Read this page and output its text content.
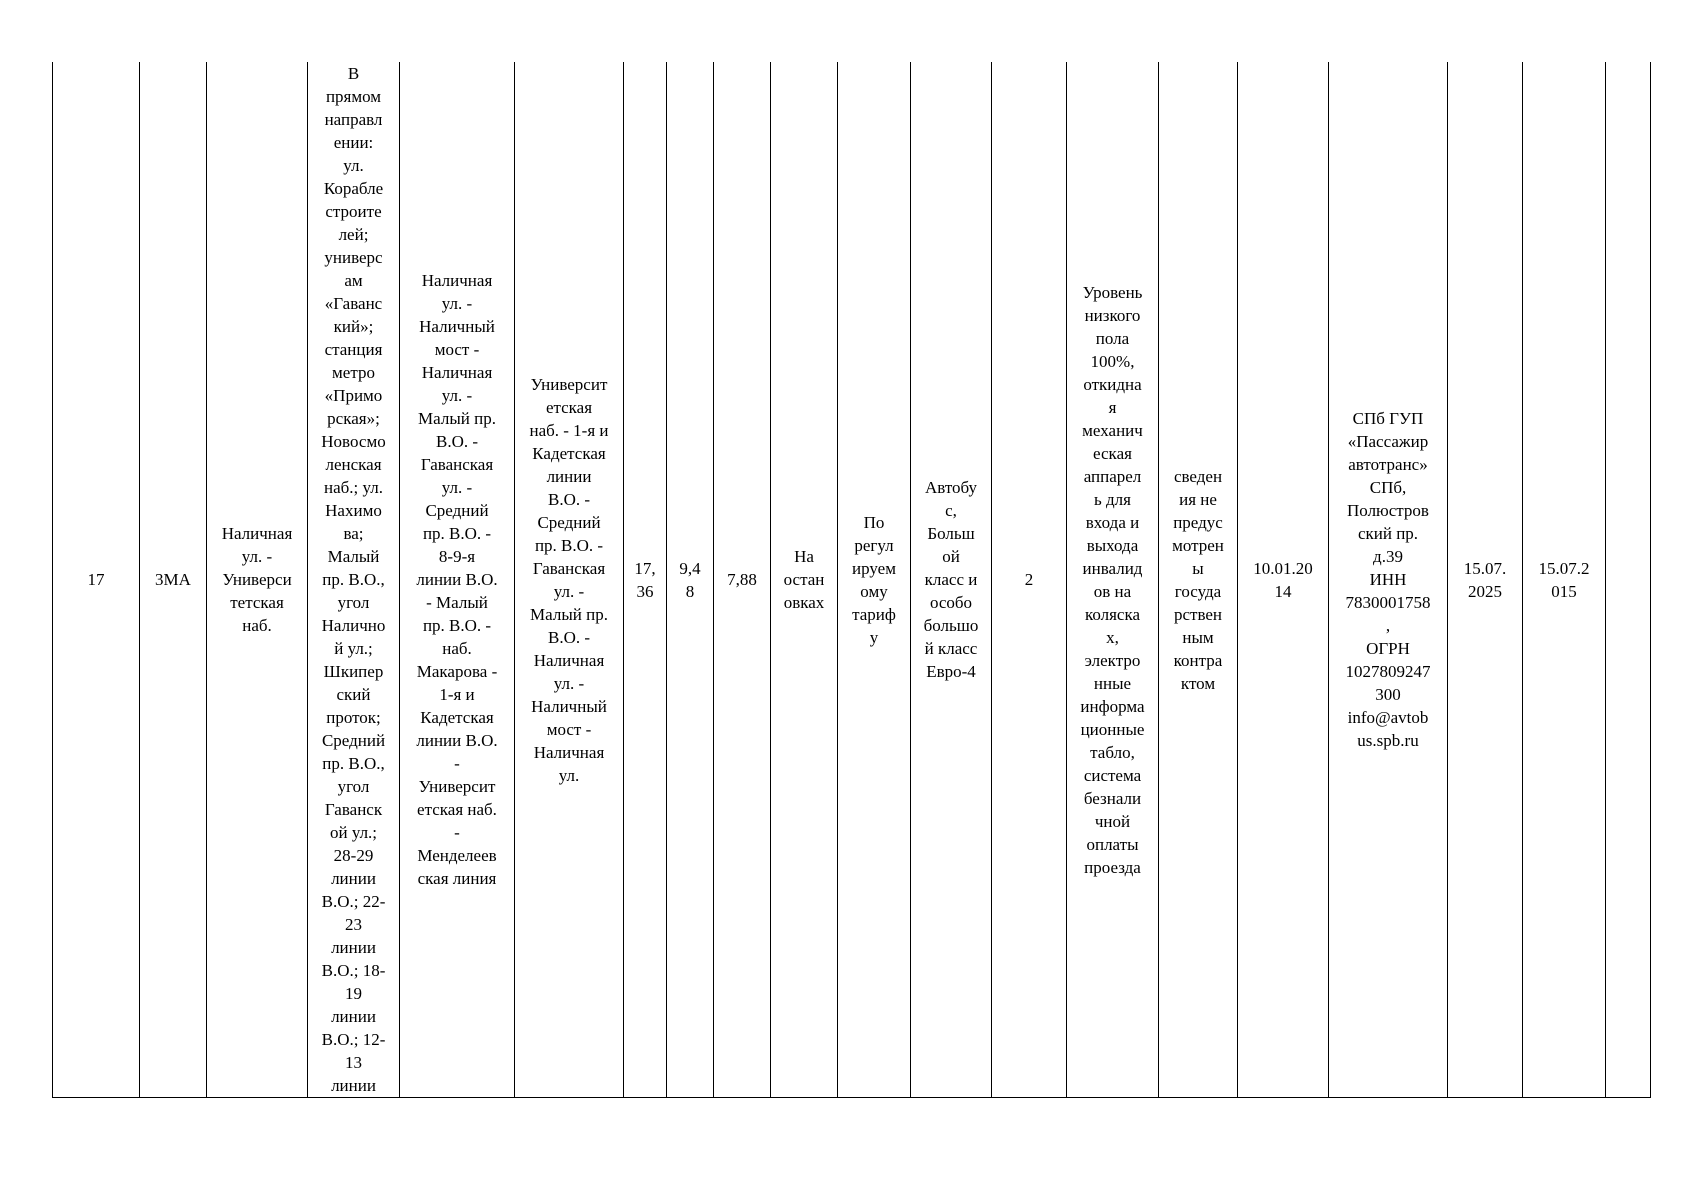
17	3МА	Наличная
ул. -
Универси
тетская
наб.	
В
прямом
направл
ении:
ул.
Корабле
строите
лей;
универс
ам
«Гаванс
кий»;
станция
метро
«Примо
рская»;
Новосмо
ленская
наб.; ул.
Нахимо
ва;
Малый
пр. В.О.,
угол
Налично
й ул.;
Шкипер
ский
проток;
Средний
пр. В.О.,
угол
Гаванск
ой ул.;
28-29
линии
В.О.; 22-
23
линии
В.О.; 18-
19
линии
В.О.; 12-
13
линии
	Наличная
ул. -
Наличный
мост -
Наличная
ул. -
Малый пр.
В.О. -
Гаванская
ул. -
Средний
пр. В.О. -
8-9-я
линии В.О.
- Малый
пр. В.О. -
наб.
Макарова -
1-я и
Кадетская
линии В.О.
-
Университ
етская наб.
-
Менделеев
ская линия	Университ
етская
наб. - 1-я и
Кадетская
линии
В.О. -
Средний
пр. В.О. -
Гаванская
ул. -
Малый пр.
В.О. -
Наличная
ул. -
Наличный
мост -
Наличная
ул.	17,
36	9,4
8	7,88	На
остан
овках	По
регул
ируем
ому
тариф
у	Автобу
с,
Больш
ой
класс и
особо
большо
й класс
Евро-4	2	Уровень
низкого
пола
100%,
откидна
я
механич
еская
аппарел
ь для
входа и
выхода
инвалид
ов на
коляска
х,
электро
нные
информа
ционные
табло,
система
безнали
чной
оплаты
проезда	сведен
ия не
предус
мотрен
ы
госуда
рствен
ным
контра
ктом	10.01.20
14	СПб ГУП
«Пассажир
автотранс»
СПб,
Полюстров
ский пр.
д.39
ИНН
7830001758
,
ОГРН
1027809247
300
info@avtob
us.spb.ru	15.07.
2025	15.07.2
015	
